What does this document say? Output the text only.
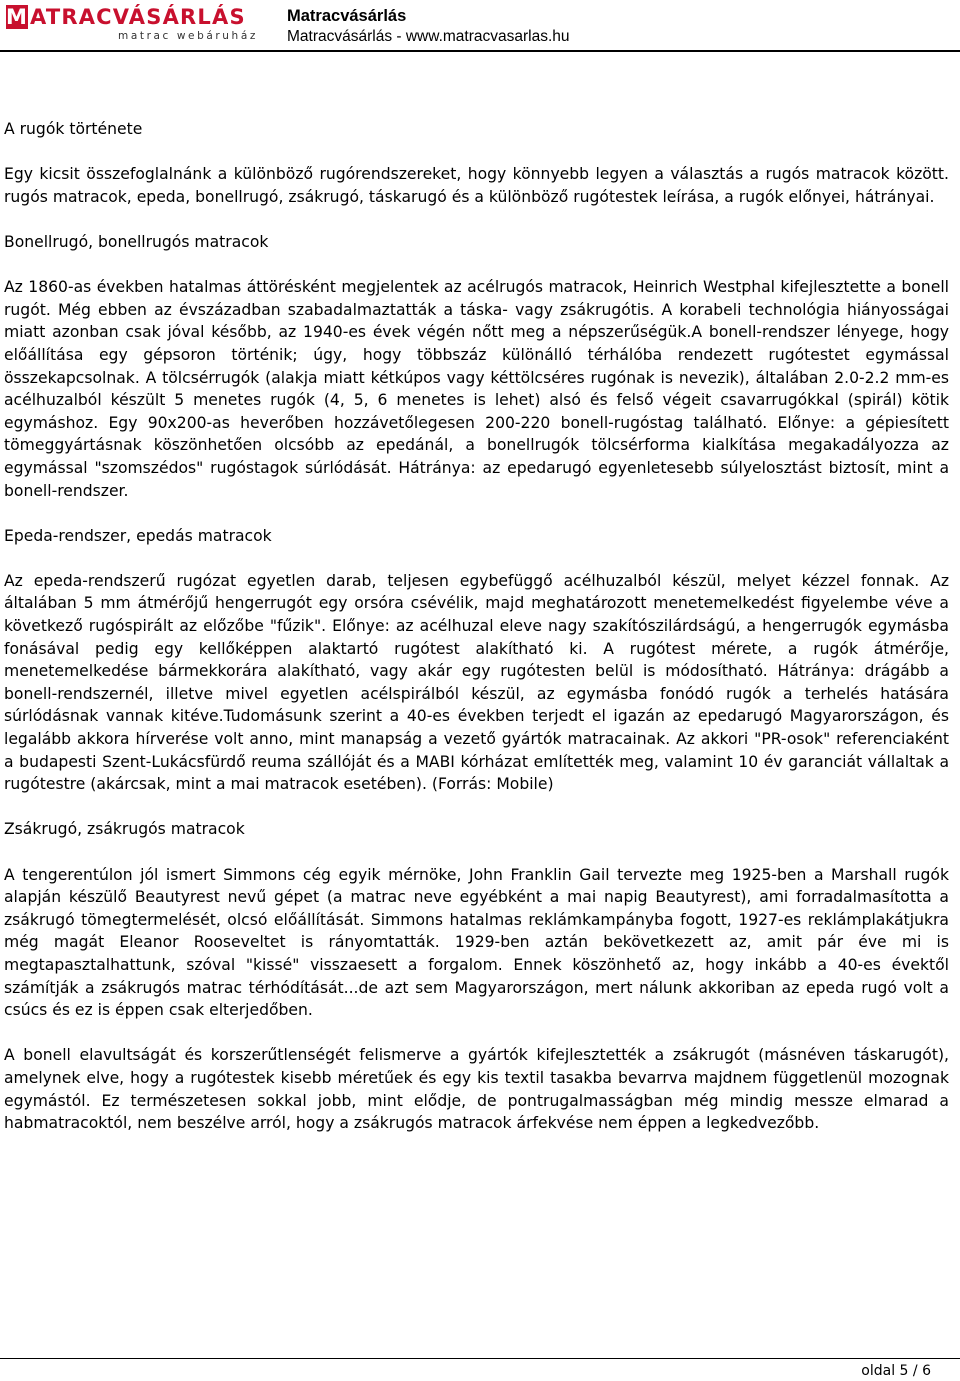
MATRACVÁSÁRLÁS
matrac webáruház
Matracvásárlás
Matracvásárlás - www.matracvasarlas.hu
A rugók története

Egy kicsit összefoglalnánk a különböző rugórendszereket, hogy könnyebb legyen a választás a rugós matracok között. rugós matracok, epeda, bonellrugó, zsákrugó, táskarugó és a különböző rugótestek leírása, a rugók előnyei, hátrányai.

Bonellrugó, bonellrugós matracok

Az 1860-as években hatalmas áttörésként megjelentek az acélrugós matracok, Heinrich Westphal kifejlesztette a bonell rugót. Még ebben az évszázadban szabadalmaztatták a táska- vagy zsákrugótis. A korabeli technológia hiányosságai miatt azonban csak jóval később, az 1940-es évek végén nőtt meg a népszerűségük.A bonell-rendszer lényege, hogy előállítása egy gépsoron történik; úgy, hogy többszáz különálló térhálóba rendezett rugótestet egymással összekapcsolnak. A tölcsérrugók (alakja miatt kétkúpos vagy kéttölcséres rugónak is nevezik), általában 2.0-2.2 mm-es acélhuzalból készült 5 menetes rugók (4, 5, 6 menetes is lehet) alsó és felső végeit csavarrugókkal (spirál) kötik egymáshoz. Egy 90x200-as heverőben hozzávetőlegesen 200-220 bonell-rugóstag található. Előnye: a gépiesített tömeggyártásnak köszönhetően olcsóbb az epedánál, a bonellrugók tölcsérforma kialkítása megakadályozza az egymással "szomszédos" rugóstagok súrlódását. Hátránya: az epedarugó egyenletesebb súlyelosztást biztosít, mint a bonell-rendszer.

Epeda-rendszer, epedás matracok

Az epeda-rendszerű rugózat egyetlen darab, teljesen egybefüggő acélhuzalból készül, melyet kézzel fonnak. Az általában 5 mm átmérőjű hengerrugót egy orsóra csévélik, majd meghatározott menetemelkedést figyelembe véve a következő rugóspirált az előzőbe "fűzik". Előnye: az acélhuzal eleve nagy szakítószilárdságú, a hengerrugók egymásba fonásával pedig egy kellőképpen alaktartó rugótest alakítható ki. A rugótest mérete, a rugók átmérője, menetemelkedése bármekkorára alakítható, vagy akár egy rugótesten belül is módosítható. Hátránya: drágább a bonell-rendszernél, illetve mivel egyetlen acélspirálból készül, az egymásba fonódó rugók a terhelés hatására súrlódásnak vannak kitéve.Tudomásunk szerint a 40-es években terjedt el igazán az epedarugó Magyarországon, és legalább akkora hírverése volt anno, mint manapság a vezető gyártók matracainak. Az akkori "PR-osok" referenciaként a budapesti Szent-Lukácsfürdő reuma szállóját és a MABI kórházat említették meg, valamint 10 év garanciát vállaltak a rugótestre (akárcsak, mint a mai matracok esetében). (Forrás: Mobile)

Zsákrugó, zsákrugós matracok

A tengerentúlon jól ismert Simmons cég egyik mérnöke, John Franklin Gail tervezte meg 1925-ben a Marshall rugók alapján készülő Beautyrest nevű gépet (a matrac neve egyébként a mai napig Beautyrest), ami forradalmasította a zsákrugó tömegtermelését, olcsó előállítását. Simmons hatalmas reklámkampányba fogott, 1927-es reklámplakátjukra még magát Eleanor Rooseveltet is rányomtatták. 1929-ben aztán bekövetkezett az, amit pár éve mi is megtapasztalhattunk, szóval "kissé" visszaesett a forgalom. Ennek köszönhető az, hogy inkább a 40-es évektől számítják a zsákrugós matrac térhódítását...de azt sem Magyarországon, mert nálunk akkoriban az epeda rugó volt a csúcs és ez is éppen csak elterjedőben.

A bonell elavultságát és korszerűtlenségét felismerve a gyártók kifejlesztették a zsákrugót (másnéven táskarugót), amelynek elve, hogy a rugótestek kisebb méretűek és egy kis textil tasakba bevarrva majdnem függetlenül mozognak egymástól. Ez természetesen sokkal jobb, mint elődje, de pontrugalmasságban még mindig messze elmarad a habmatracoktól, nem beszélve arról, hogy a zsákrugós matracok árfekvése nem éppen a legkedvezőbb.

oldal 5 / 6
